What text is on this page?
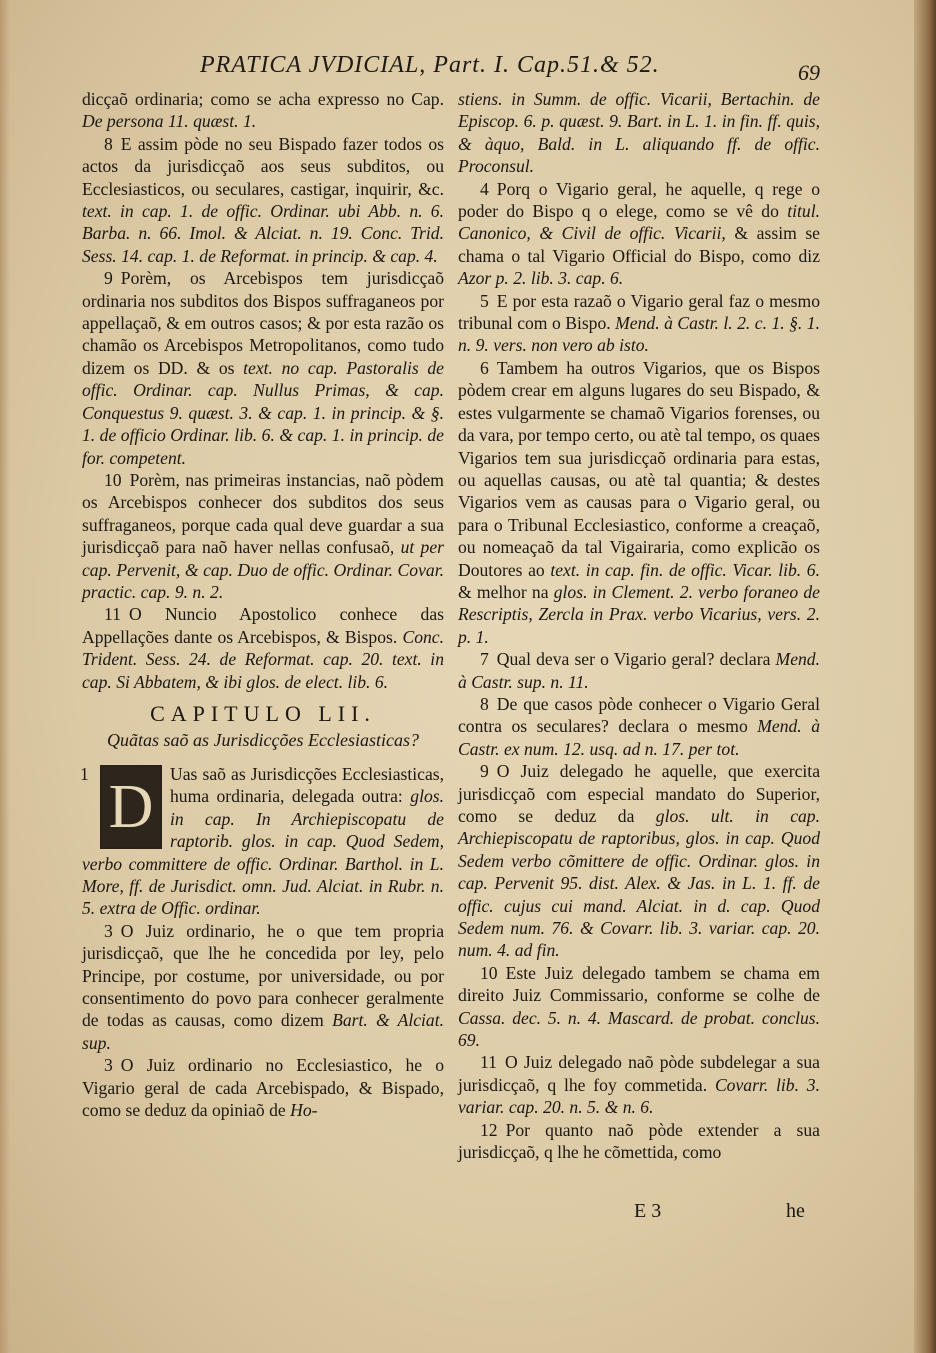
PRATICA JVDICIAL, Part. I. Cap.51.& 52.	69

dicçaõ ordinaria; como se acha expresso no Cap. De persona 11. quæst. 1.

8 E assim pòde no seu Bispado fazer todos os actos da jurisdicçaõ aos seus subditos, ou Ecclesiasticos, ou seculares, castigar, inquirir, &c. text. in cap. 1. de offic. Ordinar. ubi Abb. n. 6. Barba. n. 66. Imol. & Alciat. n. 19. Conc. Trid. Sess. 14. cap. 1. de Reformat. in princip. & cap. 4.

9 Porèm, os Arcebispos tem jurisdicçaõ ordinaria nos subditos dos Bispos suffraganeos por appellaçaõ, & em outros casos; & por esta razão os chamão os Arcebispos Metropolitanos, como tudo dizem os DD. & os text. no cap. Pastoralis de offic. Ordinar. cap. Nullus Primas, & cap. Conquestus 9. quæst. 3. & cap. 1. in princip. & §. 1. de officio Ordinar. lib. 6. & cap. 1. in princip. de for. competent.

10 Porèm, nas primeiras instancias, naõ pòdem os Arcebispos conhecer dos subditos dos seus suffraganeos, porque cada qual deve guardar a sua jurisdicçaõ para naõ haver nellas confusaõ, ut per cap. Pervenit, & cap. Duo de offic. Ordinar. Covar. practic. cap. 9. n. 2.

11 O Nuncio Apostolico conhece das Appellações dante os Arcebispos, & Bispos. Conc. Trident. Sess. 24. de Reformat. cap. 20. text. in cap. Si Abbatem, & ibi glos. de elect. lib. 6.

CAPITULO LII.
Quãtas saõ as Jurisdicções Ecclesiasticas?
D

1	Uas saõ as Jurisdicções Ecclesiasticas, huma ordinaria, delegada outra: glos. in cap. In Archiepiscopatu de raptorib. glos. in cap. Quod Sedem, verbo committere de offic. Ordinar. Barthol. in L. More, ff. de Jurisdict. omn. Jud. Alciat. in Rubr. n. 5. extra de Offic. ordinar.

3 O Juiz ordinario, he o que tem propria jurisdicçaõ, que lhe he concedida por ley, pelo Principe, por costume, por universidade, ou por consentimento do povo para conhecer geralmente de todas as causas, como dizem Bart. & Alciat. sup.

3 O Juiz ordinario no Ecclesiastico, he o Vigario geral de cada Arcebispado, & Bispado, como se deduz da opiniaõ de Ho-

stiens. in Summ. de offic. Vicarii, Bertachin. de Episcop. 6. p. quæst. 9. Bart. in L. 1. in fin. ff. quis, & àquo, Bald. in L. aliquando ff. de offic. Proconsul.

4 Porq o Vigario geral, he aquelle, q rege o poder do Bispo q o elege, como se vê do titul. Canonico, & Civil de offic. Vicarii, & assim se chama o tal Vigario Official do Bispo, como diz Azor p. 2. lib. 3. cap. 6.

5 E por esta razaõ o Vigario geral faz o mesmo tribunal com o Bispo. Mend. à Castr. l. 2. c. 1. §. 1. n. 9. vers. non vero ab isto.

6 Tambem ha outros Vigarios, que os Bispos pòdem crear em alguns lugares do seu Bispado, & estes vulgarmente se chamaõ Vigarios forenses, ou da vara, por tempo certo, ou atè tal tempo, os quaes Vigarios tem sua jurisdicçaõ ordinaria para estas, ou aquellas causas, ou atè tal quantia; & destes Vigarios vem as causas para o Vigario geral, ou para o Tribunal Ecclesiastico, conforme a creaçaõ, ou nomeaçaõ da tal Vigairaria, como explicão os Doutores ao text. in cap. fin. de offic. Vicar. lib. 6. & melhor na glos. in Clement. 2. verbo foraneo de Rescriptis, Zercla in Prax. verbo Vicarius, vers. 2. p. 1.

7 Qual deva ser o Vigario geral? declara Mend. à Castr. sup. n. 11.

8 De que casos pòde conhecer o Vigario Geral contra os seculares? declara o mesmo Mend. à Castr. ex num. 12. usq. ad n. 17. per tot.

9 O Juiz delegado he aquelle, que exercita jurisdicçaõ com especial mandato do Superior, como se deduz da glos. ult. in cap. Archiepiscopatu de raptoribus, glos. in cap. Quod Sedem verbo cõmittere de offic. Ordinar. glos. in cap. Pervenit 95. dist. Alex. & Jas. in L. 1. ff. de offic. cujus cui mand. Alciat. in d. cap. Quod Sedem num. 76. & Covarr. lib. 3. variar. cap. 20. num. 4. ad fin.

10 Este Juiz delegado tambem se chama em direito Juiz Commissario, conforme se colhe de Cassa. dec. 5. n. 4. Mascard. de probat. conclus. 69.

11 O Juiz delegado naõ pòde subdelegar a sua jurisdicçaõ, q lhe foy commetida. Covarr. lib. 3. variar. cap. 20. n. 5. & n. 6.

12 Por quanto naõ pòde extender a sua jurisdicçaõ, q lhe he cõmettida, como

E 3	he
